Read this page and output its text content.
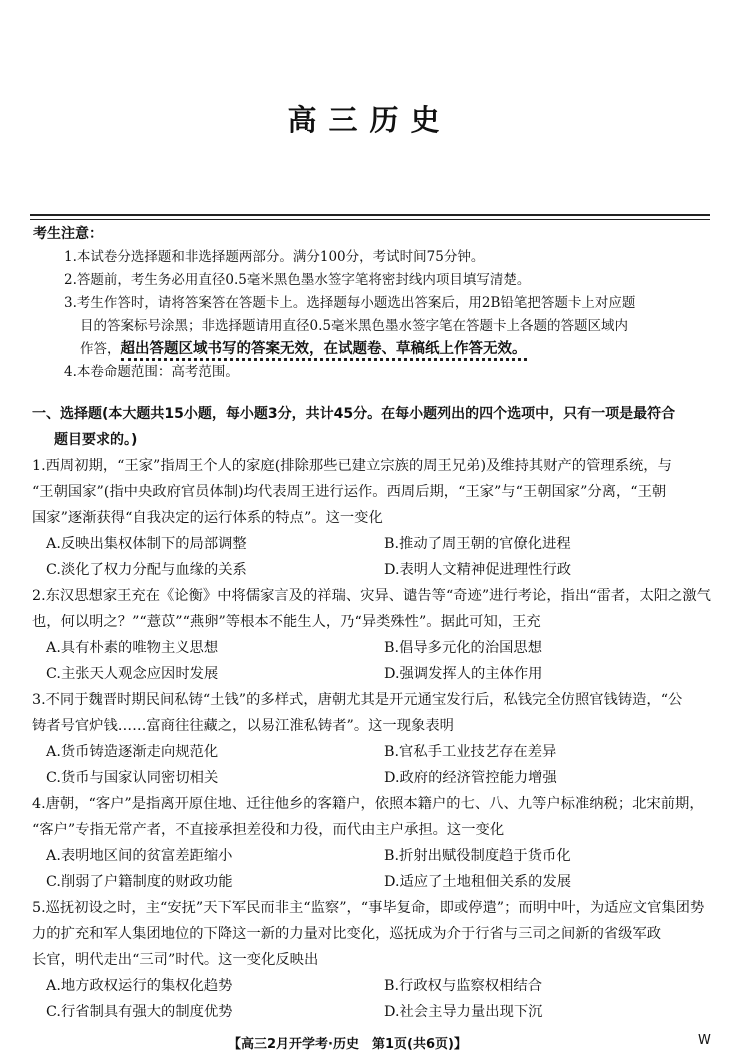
高三历史
考生注意：
1.本试卷分选择题和非选择题两部分。满分100分，考试时间75分钟。
2.答题前，考生务必用直径0.5毫米黑色墨水签字笔将密封线内项目填写清楚。
3.考生作答时，请将答案答在答题卡上。选择题每小题选出答案后，用2B铅笔把答题卡上对应题
目的答案标号涂黑；非选择题请用直径0.5毫米黑色墨水签字笔在答题卡上各题的答题区域内
作答，超出答题区域书写的答案无效，在试题卷、草稿纸上作答无效。
4.本卷命题范围：高考范围。
一、选择题(本大题共15小题，每小题3分，共计45分。在每小题列出的四个选项中，只有一项是最符合
题目要求的。)
1.西周初期，“王家”指周王个人的家庭(排除那些已建立宗族的周王兄弟)及维持其财产的管理系统，与
“王朝国家”(指中央政府官员体制)均代表周王进行运作。西周后期，“王家”与“王朝国家”分离，“王朝
国家”逐渐获得“自我决定的运行体系的特点”。这一变化
A.反映出集权体制下的局部调整	B.推动了周王朝的官僚化进程
C.淡化了权力分配与血缘的关系	D.表明人文精神促进理性行政
2.东汉思想家王充在《论衡》中将儒家言及的祥瑞、灾异、谴告等“奇迹”进行考论，指出“雷者，太阳之激气
也，何以明之？”“薏苡”“燕卵”等根本不能生人，乃“异类殊性”。据此可知，王充
A.具有朴素的唯物主义思想	B.倡导多元化的治国思想
C.主张天人观念应因时发展	D.强调发挥人的主体作用
3.不同于魏晋时期民间私铸“土钱”的多样式，唐朝尤其是开元通宝发行后，私钱完全仿照官钱铸造，“公
铸者号官炉钱……富商往往藏之，以易江淮私铸者”。这一现象表明
A.货币铸造逐渐走向规范化	B.官私手工业技艺存在差异
C.货币与国家认同密切相关	D.政府的经济管控能力增强
4.唐朝，“客户”是指离开原住地、迁往他乡的客籍户，依照本籍户的七、八、九等户标准纳税；北宋前期，
“客户”专指无常产者，不直接承担差役和力役，而代由主户承担。这一变化
A.表明地区间的贫富差距缩小	B.折射出赋役制度趋于货币化
C.削弱了户籍制度的财政功能	D.适应了土地租佃关系的发展
5.巡抚初设之时，主“安抚”天下军民而非主“监察”，“事毕复命，即或停遣”；而明中叶，为适应文官集团势
力的扩充和军人集团地位的下降这一新的力量对比变化，巡抚成为介于行省与三司之间新的省级军政
长官，明代走出“三司”时代。这一变化反映出
A.地方政权运行的集权化趋势	B.行政权与监察权相结合
C.行省制具有强大的制度优势	D.社会主导力量出现下沉
【高三2月开学考·历史　第1页(共6页)】	W
